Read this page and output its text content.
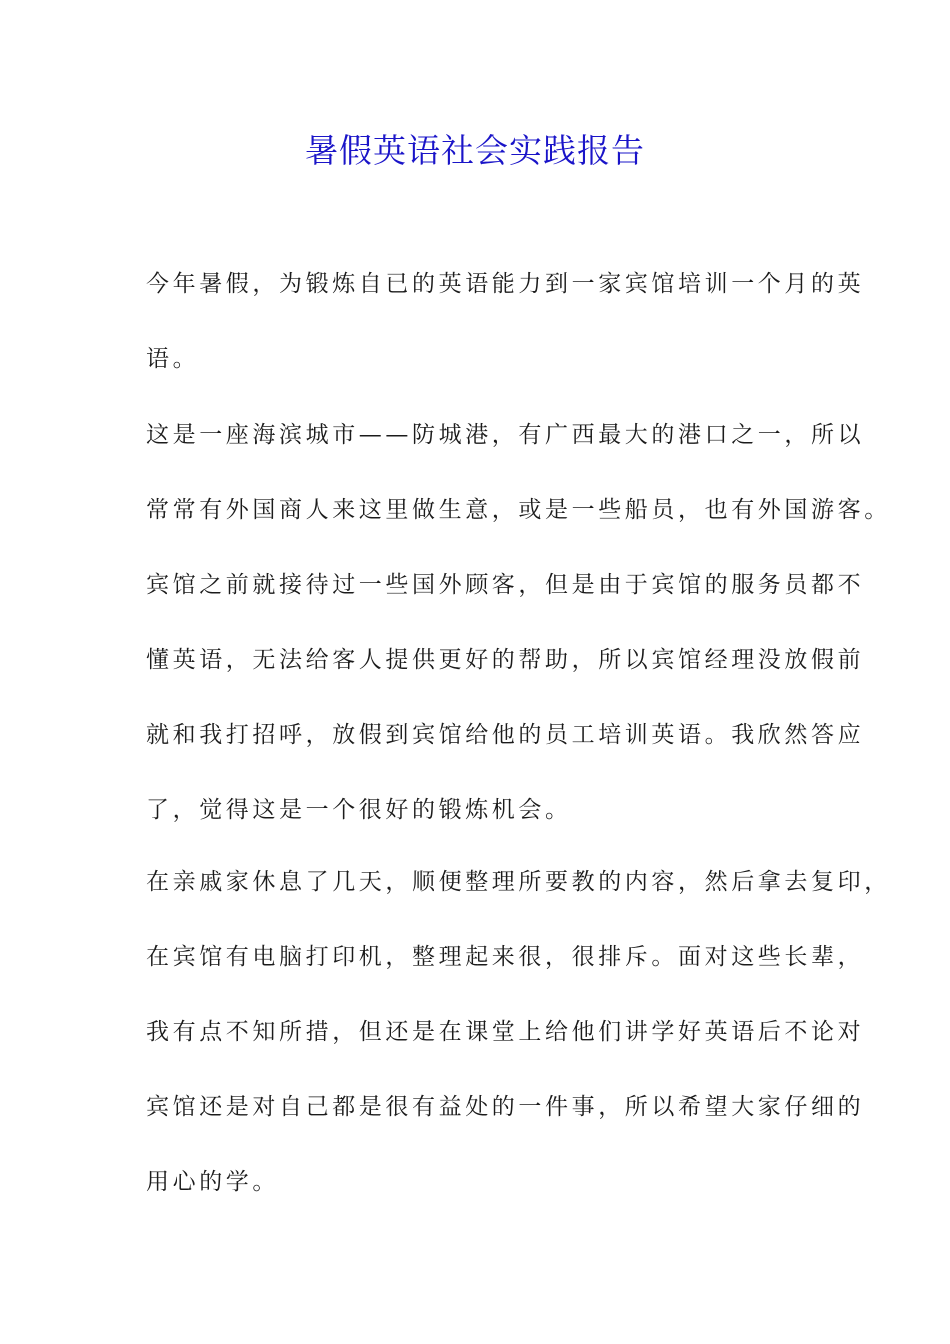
暑假英语社会实践报告
今年暑假，为锻炼自已的英语能力到一家宾馆培训一个月的英
语。
这是一座海滨城市——防城港，有广西最大的港口之一，所以
常常有外国商人来这里做生意，或是一些船员，也有外国游客。
宾馆之前就接待过一些国外顾客，但是由于宾馆的服务员都不
懂英语，无法给客人提供更好的帮助，所以宾馆经理没放假前
就和我打招呼，放假到宾馆给他的员工培训英语。我欣然答应
了，觉得这是一个很好的锻炼机会。
在亲戚家休息了几天，顺便整理所要教的内容，然后拿去复印，
在宾馆有电脑打印机，整理起来很，很排斥。面对这些长辈，
我有点不知所措，但还是在课堂上给他们讲学好英语后不论对
宾馆还是对自己都是很有益处的一件事，所以希望大家仔细的
用心的学。
